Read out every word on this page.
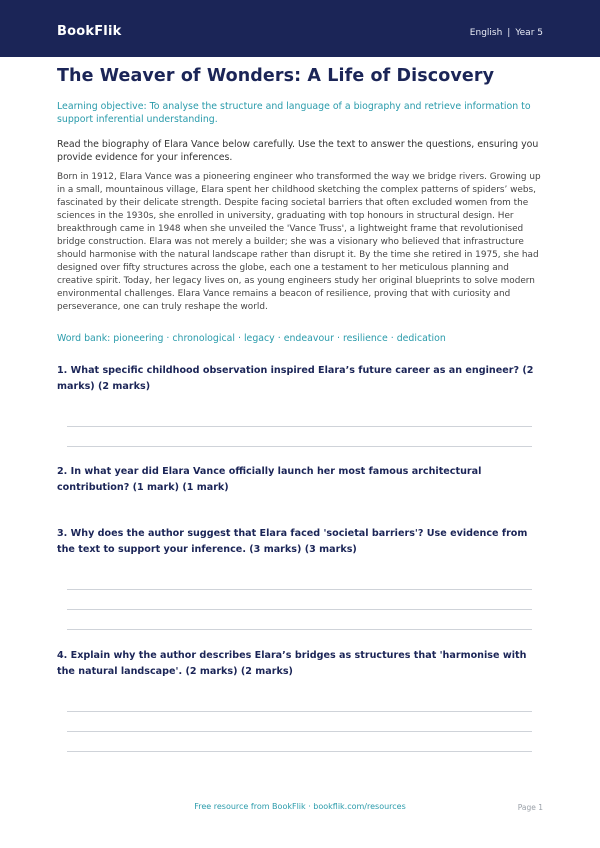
BookFlik	English | Year 5
The Weaver of Wonders: A Life of Discovery

Learning objective: To analyse the structure and language of a biography and retrieve information to support inferential understanding.

Read the biography of Elara Vance below carefully. Use the text to answer the questions, ensuring you provide evidence for your inferences.

Born in 1912, Elara Vance was a pioneering engineer who transformed the way we bridge rivers. Growing up in a small, mountainous village, Elara spent her childhood sketching the complex patterns of spiders’ webs, fascinated by their delicate strength. Despite facing societal barriers that often excluded women from the sciences in the 1930s, she enrolled in university, graduating with top honours in structural design. Her breakthrough came in 1948 when she unveiled the 'Vance Truss', a lightweight frame that revolutionised bridge construction. Elara was not merely a builder; she was a visionary who believed that infrastructure should harmonise with the natural landscape rather than disrupt it. By the time she retired in 1975, she had designed over fifty structures across the globe, each one a testament to her meticulous planning and creative spirit. Today, her legacy lives on, as young engineers study her original blueprints to solve modern environmental challenges. Elara Vance remains a beacon of resilience, proving that with curiosity and perseverance, one can truly reshape the world.

Word bank: pioneering · chronological · legacy · endeavour · resilience · dedication

1. What specific childhood observation inspired Elara’s future career as an engineer? (2 marks) (2 marks)

2. In what year did Elara Vance officially launch her most famous architectural contribution? (1 mark) (1 mark)

3. Why does the author suggest that Elara faced 'societal barriers'? Use evidence from the text to support your inference. (3 marks) (3 marks)

4. Explain why the author describes Elara’s bridges as structures that 'harmonise with the natural landscape'. (2 marks) (2 marks)

Free resource from BookFlik · bookflik.com/resources	Page 1
